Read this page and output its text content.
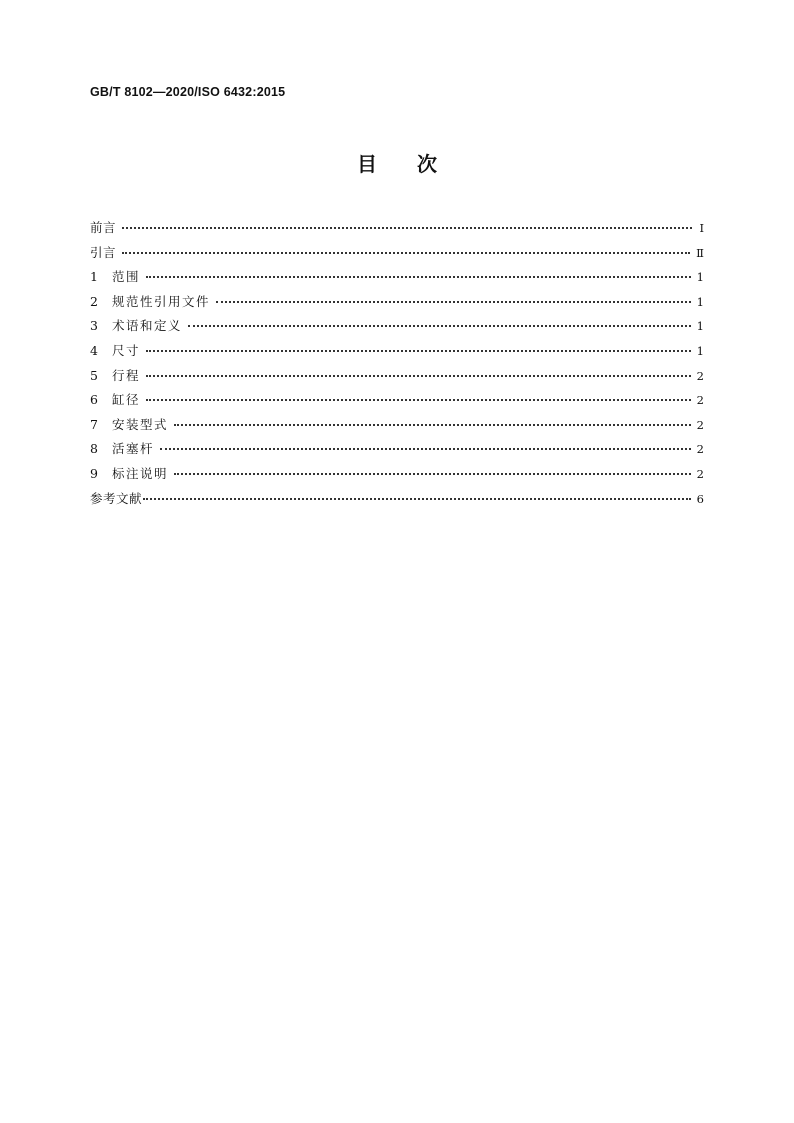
GB/T 8102—2020/ISO 6432:2015
目　　次
前言	Ⅰ
引言	Ⅱ
1	范围	1
2	规范性引用文件	1
3	术语和定义	1
4	尺寸	1
5	行程	2
6	缸径	2
7	安装型式	2
8	活塞杆	2
9	标注说明	2
参考文献	6
